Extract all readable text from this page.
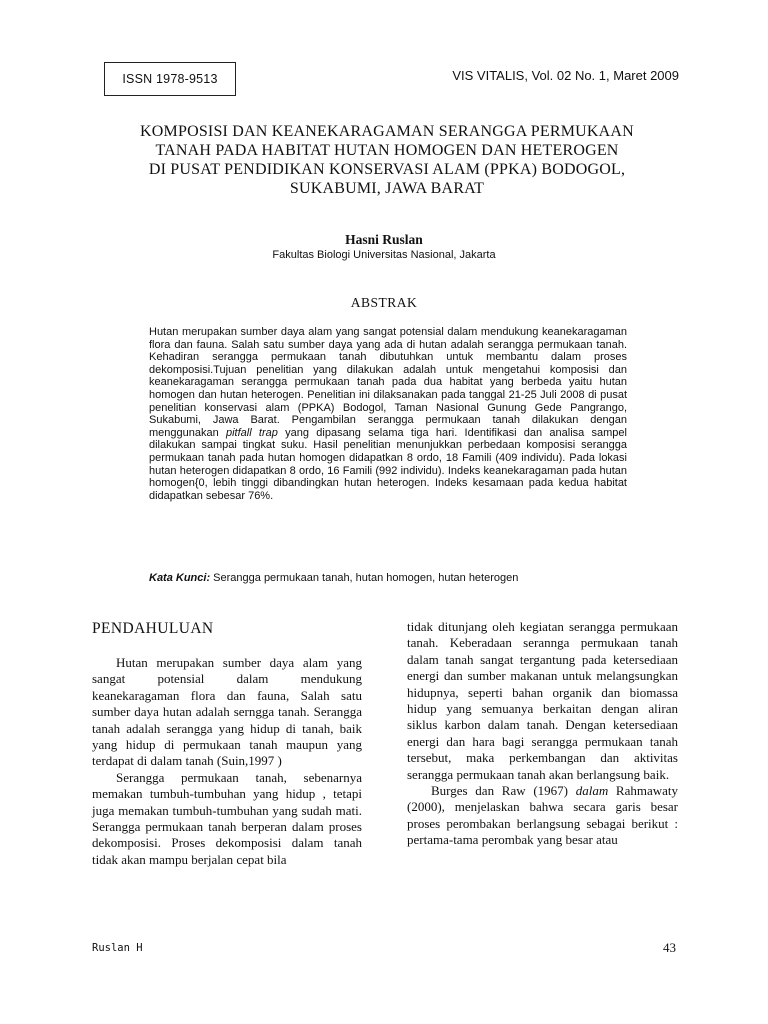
ISSN 1978-9513	VIS VITALIS, Vol. 02 No. 1, Maret 2009
KOMPOSISI DAN KEANEKARAGAMAN SERANGGA PERMUKAAN
TANAH PADA HABITAT HUTAN HOMOGEN DAN HETEROGEN
DI PUSAT PENDIDIKAN KONSERVASI ALAM (PPKA) BODOGOL,
SUKABUMI, JAWA BARAT
Hasni Ruslan
Fakultas Biologi Universitas Nasional, Jakarta
ABSTRAK

Hutan merupakan sumber daya alam yang sangat potensial dalam mendukung keanekaragaman flora dan fauna. Salah satu sumber daya yang ada di hutan adalah serangga permukaan tanah. Kehadiran serangga permukaan tanah dibutuhkan untuk membantu dalam proses dekomposisi.Tujuan penelitian yang dilakukan adalah untuk mengetahui komposisi dan keanekaragaman serangga permukaan tanah pada dua habitat yang berbeda yaitu hutan homogen dan hutan heterogen. Penelitian ini dilaksanakan pada tanggal 21-25 Juli 2008 di pusat penelitian konservasi alam (PPKA) Bodogol, Taman Nasional Gunung Gede Pangrango, Sukabumi, Jawa Barat. Pengambilan serangga permukaan tanah dilakukan dengan menggunakan pitfall trap yang dipasang selama tiga hari. Identifikasi dan analisa sampel dilakukan sampai tingkat suku. Hasil penelitian menunjukkan perbedaan komposisi serangga permukaan tanah pada hutan homogen didapatkan 8 ordo, 18 Famili (409 individu). Pada lokasi hutan heterogen didapatkan 8 ordo, 16 Famili (992 individu). Indeks keanekaragaman pada hutan homogen{0, lebih tinggi dibandingkan hutan heterogen. Indeks kesamaan pada kedua habitat didapatkan sebesar 76%.

Kata Kunci: Serangga permukaan tanah, hutan homogen, hutan heterogen
PENDAHULUAN

Hutan merupakan sumber daya alam yang sangat potensial dalam mendukung keanekaragaman flora dan fauna, Salah satu sumber daya hutan adalah serngga tanah. Serangga tanah adalah serangga yang hidup di tanah, baik yang hidup di permukaan tanah maupun yang terdapat di dalam tanah (Suin,1997 )

Serangga permukaan tanah, sebenarnya memakan tumbuh-tumbuhan yang hidup , tetapi juga memakan tumbuh-tumbuhan yang sudah mati. Serangga permukaan tanah berperan dalam proses dekomposisi. Proses dekomposisi dalam tanah tidak akan mampu berjalan cepat bila

tidak ditunjang oleh kegiatan serangga permukaan tanah. Keberadaan serannga permukaan tanah dalam tanah sangat tergantung pada ketersediaan energi dan sumber makanan untuk melangsungkan hidupnya, seperti bahan organik dan biomassa hidup yang semuanya berkaitan dengan aliran siklus karbon dalam tanah. Dengan ketersediaan energi dan hara bagi serangga permukaan tanah tersebut, maka perkembangan dan aktivitas serangga permukaan tanah akan berlangsung baik.

Burges dan Raw (1967) dalam Rahmawaty (2000), menjelaskan bahwa secara garis besar proses perombakan berlangsung sebagai berikut : pertama-tama perombak yang besar atau

Ruslan H	43
